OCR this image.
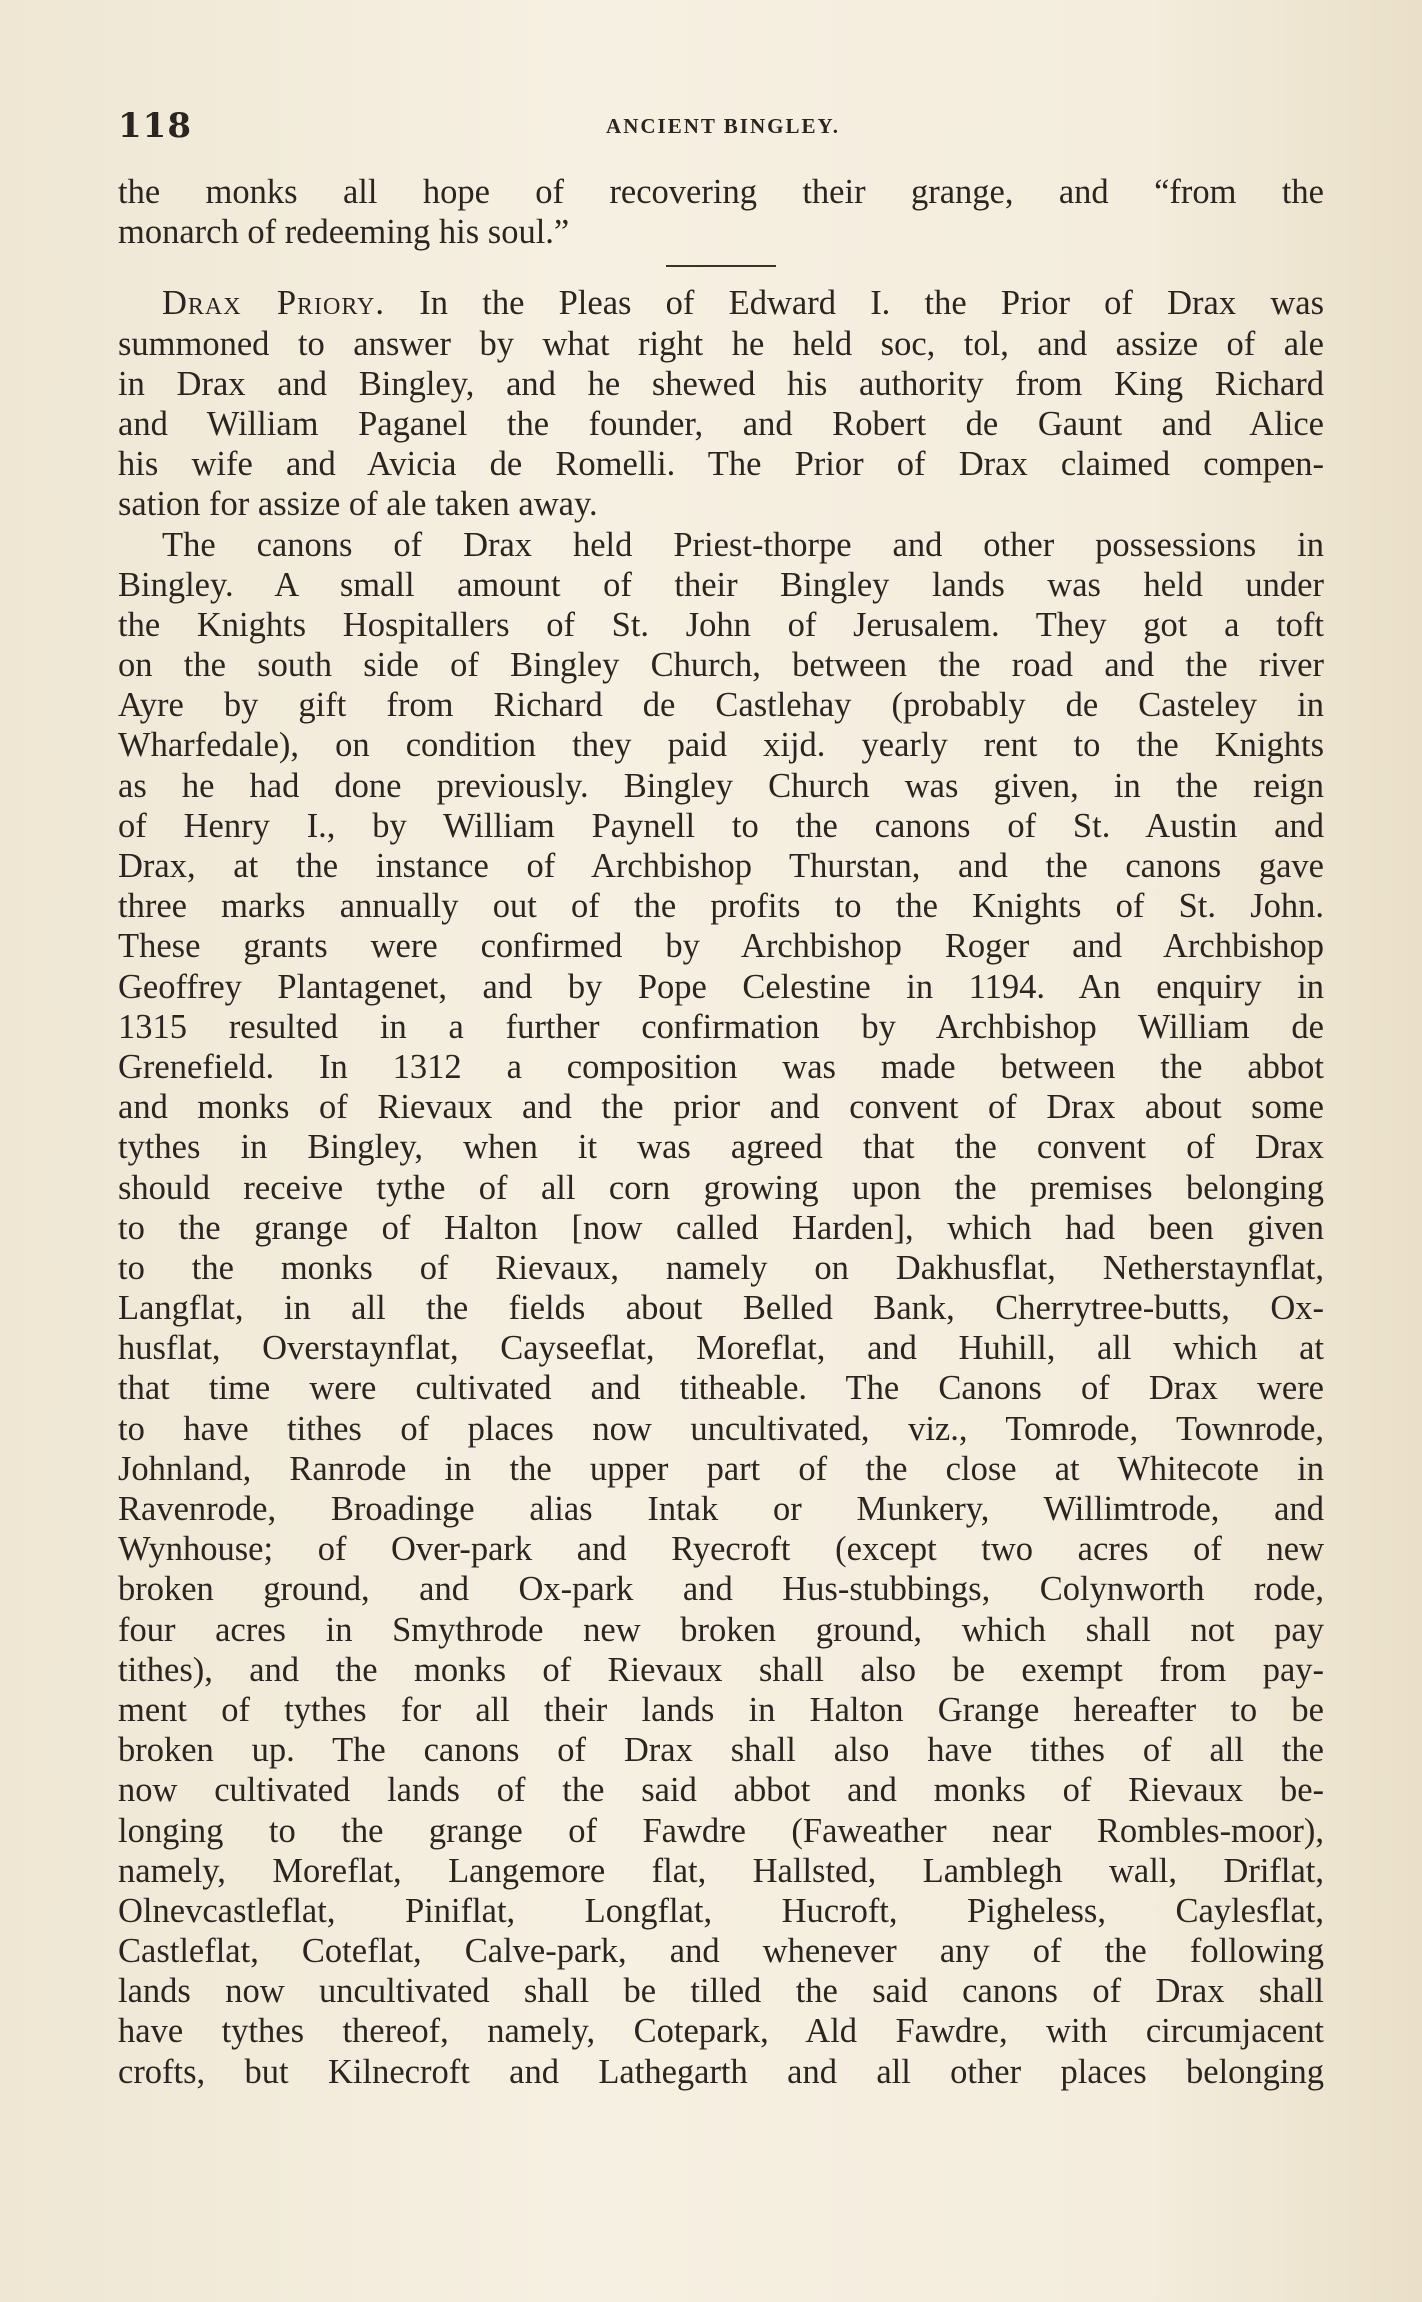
118	ANCIENT BINGLEY.
the monks all hope of recovering their grange, and “from the
monarch of redeeming his soul.”
Drax Priory. In the Pleas of Edward I. the Prior of Drax was
summoned to answer by what right he held soc, tol, and assize of ale
in Drax and Bingley, and he shewed his authority from King Richard
and William Paganel the founder, and Robert de Gaunt and Alice
his wife and Avicia de Romelli. The Prior of Drax claimed compen-
sation for assize of ale taken away.
The canons of Drax held Priest-thorpe and other possessions in
Bingley. A small amount of their Bingley lands was held under
the Knights Hospitallers of St. John of Jerusalem. They got a toft
on the south side of Bingley Church, between the road and the river
Ayre by gift from Richard de Castlehay (probably de Casteley in
Wharfedale), on condition they paid xijd. yearly rent to the Knights
as he had done previously. Bingley Church was given, in the reign
of Henry I., by William Paynell to the canons of St. Austin and
Drax, at the instance of Archbishop Thurstan, and the canons gave
three marks annually out of the profits to the Knights of St. John.
These grants were confirmed by Archbishop Roger and Archbishop
Geoffrey Plantagenet, and by Pope Celestine in 1194. An enquiry in
1315 resulted in a further confirmation by Archbishop William de
Grenefield. In 1312 a composition was made between the abbot
and monks of Rievaux and the prior and convent of Drax about some
tythes in Bingley, when it was agreed that the convent of Drax
should receive tythe of all corn growing upon the premises belonging
to the grange of Halton [now called Harden], which had been given
to the monks of Rievaux, namely on Dakhusflat, Netherstaynflat,
Langflat, in all the fields about Belled Bank, Cherrytree-butts, Ox-
husflat, Overstaynflat, Cayseeflat, Moreflat, and Huhill, all which at
that time were cultivated and titheable. The Canons of Drax were
to have tithes of places now uncultivated, viz., Tomrode, Townrode,
Johnland, Ranrode in the upper part of the close at Whitecote in
Ravenrode, Broadinge alias Intak or Munkery, Willimtrode, and
Wynhouse; of Over-park and Ryecroft (except two acres of new
broken ground, and Ox-park and Hus-stubbings, Colynworth rode,
four acres in Smythrode new broken ground, which shall not pay
tithes), and the monks of Rievaux shall also be exempt from pay-
ment of tythes for all their lands in Halton Grange hereafter to be
broken up. The canons of Drax shall also have tithes of all the
now cultivated lands of the said abbot and monks of Rievaux be-
longing to the grange of Fawdre (Faweather near Rombles-moor),
namely, Moreflat, Langemore flat, Hallsted, Lamblegh wall, Driflat,
Olnevcastleflat, Piniflat, Longflat, Hucroft, Pigheless, Caylesflat,
Castleflat, Coteflat, Calve-park, and whenever any of the following
lands now uncultivated shall be tilled the said canons of Drax shall
have tythes thereof, namely, Cotepark, Ald Fawdre, with circumjacent
crofts, but Kilnecroft and Lathegarth and all other places belonging
